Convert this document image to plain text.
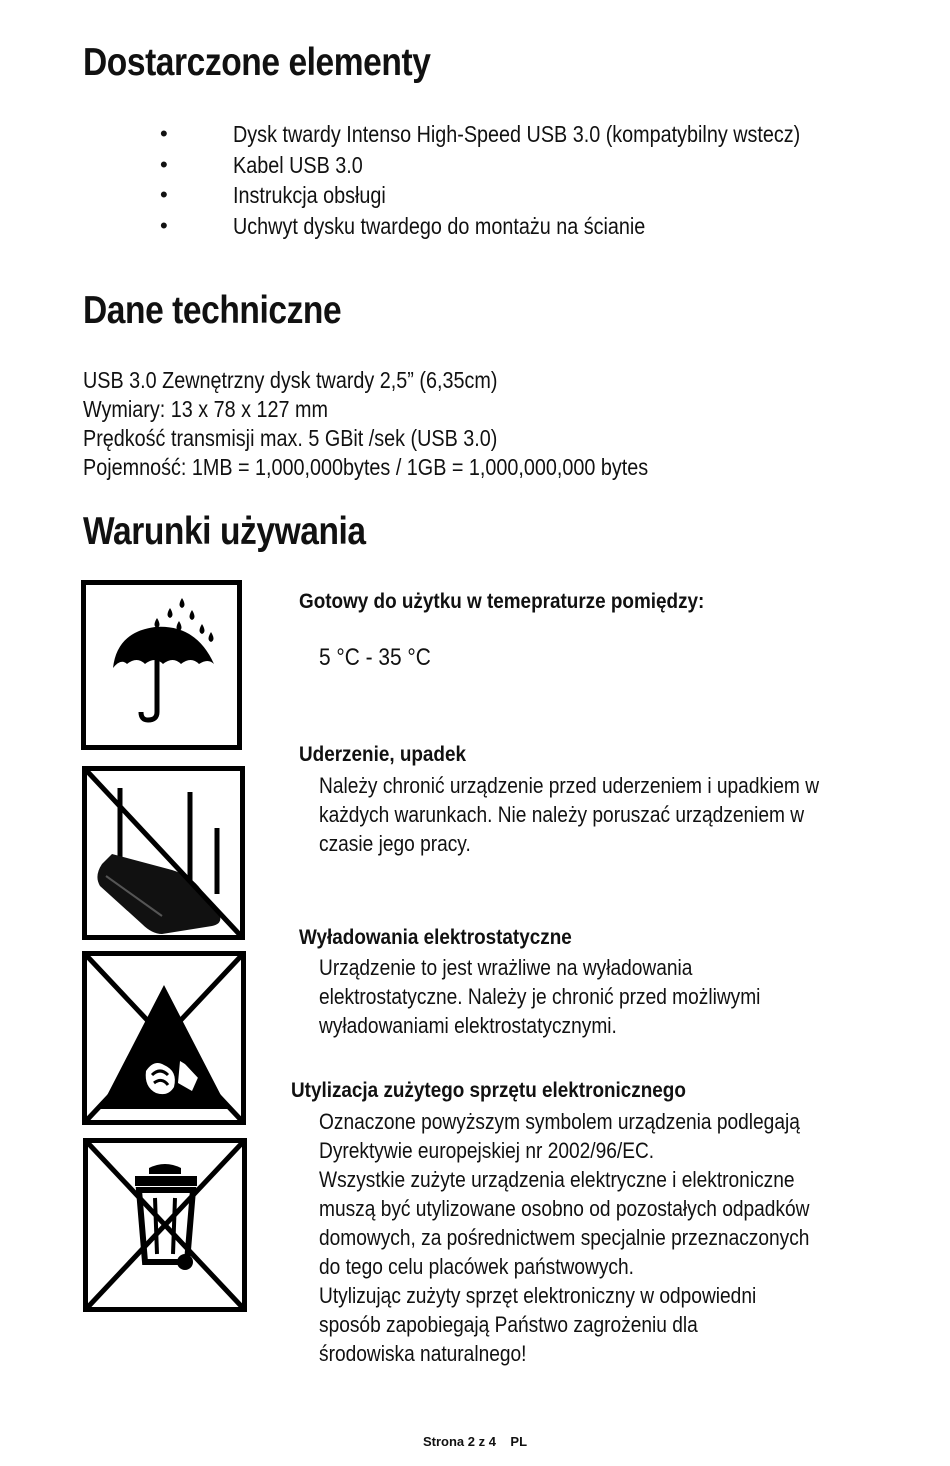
Dostarczone elementy
•	Dysk twardy Intenso High-Speed USB 3.0 (kompatybilny wstecz)
•	Kabel USB 3.0
•	Instrukcja obsługi
•	Uchwyt dysku twardego do montażu na ścianie
Dane techniczne
USB 3.0 Zewnętrzny dysk twardy 2,5” (6,35cm)
Wymiary: 13 x 78 x 127 mm
Prędkość transmisji max. 5 GBit /sek (USB 3.0)
Pojemność: 1MB = 1,000,000bytes / 1GB = 1,000,000,000 bytes
Warunki używania
Gotowy do użytku w temepraturze pomiędzy:
5 °C - 35 °C
Uderzenie, upadek
Należy chronić urządzenie przed uderzeniem i upadkiem w
każdych warunkach. Nie należy poruszać urządzeniem w
czasie jego pracy.
Wyładowania elektrostatyczne
Urządzenie to jest wrażliwe na wyładowania
elektrostatyczne. Należy je chronić przed możliwymi
wyładowaniami elektrostatycznymi.
Utylizacja zużytego sprzętu elektronicznego
Oznaczone powyższym symbolem urządzenia podlegają
Dyrektywie europejskiej nr 2002/96/EC.
Wszystkie zużyte urządzenia elektryczne i elektroniczne
muszą być utylizowane osobno od pozostałych odpadków
domowych, za pośrednictwem specjalnie przeznaczonych
do tego celu placówek państwowych.
Utylizując zużyty sprzęt elektroniczny w odpowiedni
sposób zapobiegają Państwo zagrożeniu dla
środowiska naturalnego!
Strona 2 z 4 PL
